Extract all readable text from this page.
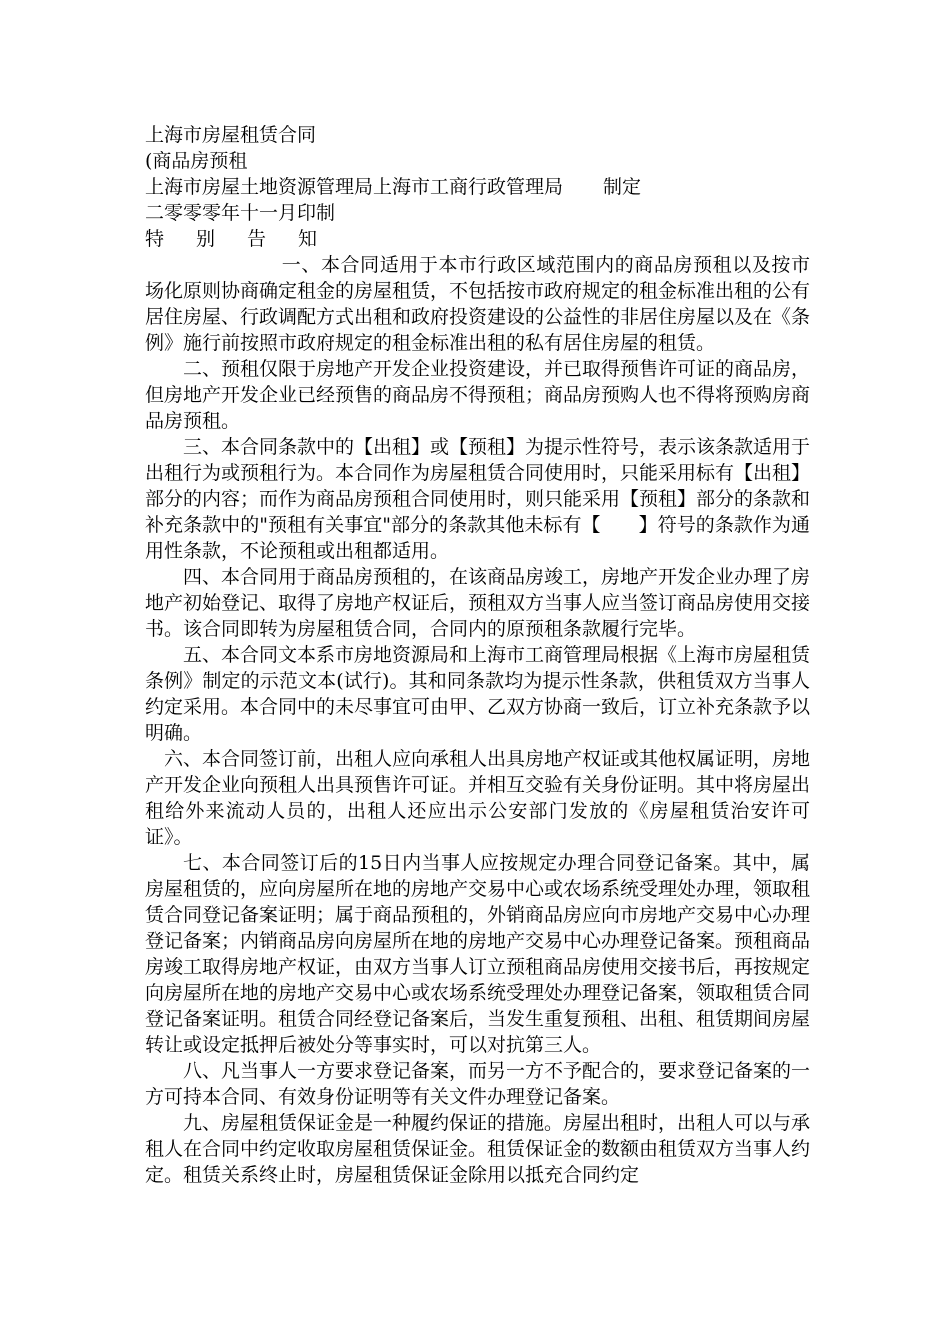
上海市房屋租赁合同
(商品房预租
上海市房屋土地资源管理局上海市工商行政管理局 制定
二零零零年十一月印制
特别告知

一、本合同适用于本市行政区域范围内的商品房预租以及按市场化原则协商确定租金的房屋租赁，不包括按市政府规定的租金标准出租的公有居住房屋、行政调配方式出租和政府投资建设的公益性的非居住房屋以及在《条例》施行前按照市政府规定的租金标准出租的私有居住房屋的租赁。

二、预租仅限于房地产开发企业投资建设，并已取得预售许可证的商品房，但房地产开发企业已经预售的商品房不得预租；商品房预购人也不得将预购房商品房预租。

三、本合同条款中的【出租】或【预租】为提示性符号，表示该条款适用于出租行为或预租行为。本合同作为房屋租赁合同使用时，只能采用标有【出租】部分的内容；而作为商品房预租合同使用时，则只能采用【预租】部分的条款和补充条款中的"预租有关事宜"部分的条款其他未标有【　　】符号的条款作为通用性条款，不论预租或出租都适用。

四、本合同用于商品房预租的，在该商品房竣工，房地产开发企业办理了房地产初始登记、取得了房地产权证后，预租双方当事人应当签订商品房使用交接书。该合同即转为房屋租赁合同，合同内的原预租条款履行完毕。

五、本合同文本系市房地资源局和上海市工商管理局根据《上海市房屋租赁条例》制定的示范文本(试行)。其和同条款均为提示性条款，供租赁双方当事人约定采用。本合同中的未尽事宜可由甲、乙双方协商一致后，订立补充条款予以明确。

六、本合同签订前，出租人应向承租人出具房地产权证或其他权属证明，房地产开发企业向预租人出具预售许可证。并相互交验有关身份证明。其中将房屋出租给外来流动人员的，出租人还应出示公安部门发放的《房屋租赁治安许可证》。

七、本合同签订后的15日内当事人应按规定办理合同登记备案。其中，属房屋租赁的，应向房屋所在地的房地产交易中心或农场系统受理处办理，领取租赁合同登记备案证明；属于商品预租的，外销商品房应向市房地产交易中心办理登记备案；内销商品房向房屋所在地的房地产交易中心办理登记备案。预租商品房竣工取得房地产权证，由双方当事人订立预租商品房使用交接书后，再按规定向房屋所在地的房地产交易中心或农场系统受理处办理登记备案，领取租赁合同登记备案证明。租赁合同经登记备案后，当发生重复预租、出租、租赁期间房屋转让或设定抵押后被处分等事实时，可以对抗第三人。

八、凡当事人一方要求登记备案，而另一方不予配合的，要求登记备案的一方可持本合同、有效身份证明等有关文件办理登记备案。

九、房屋租赁保证金是一种履约保证的措施。房屋出租时，出租人可以与承租人在合同中约定收取房屋租赁保证金。租赁保证金的数额由租赁双方当事人约定。租赁关系终止时，房屋租赁保证金除用以抵充合同约定
